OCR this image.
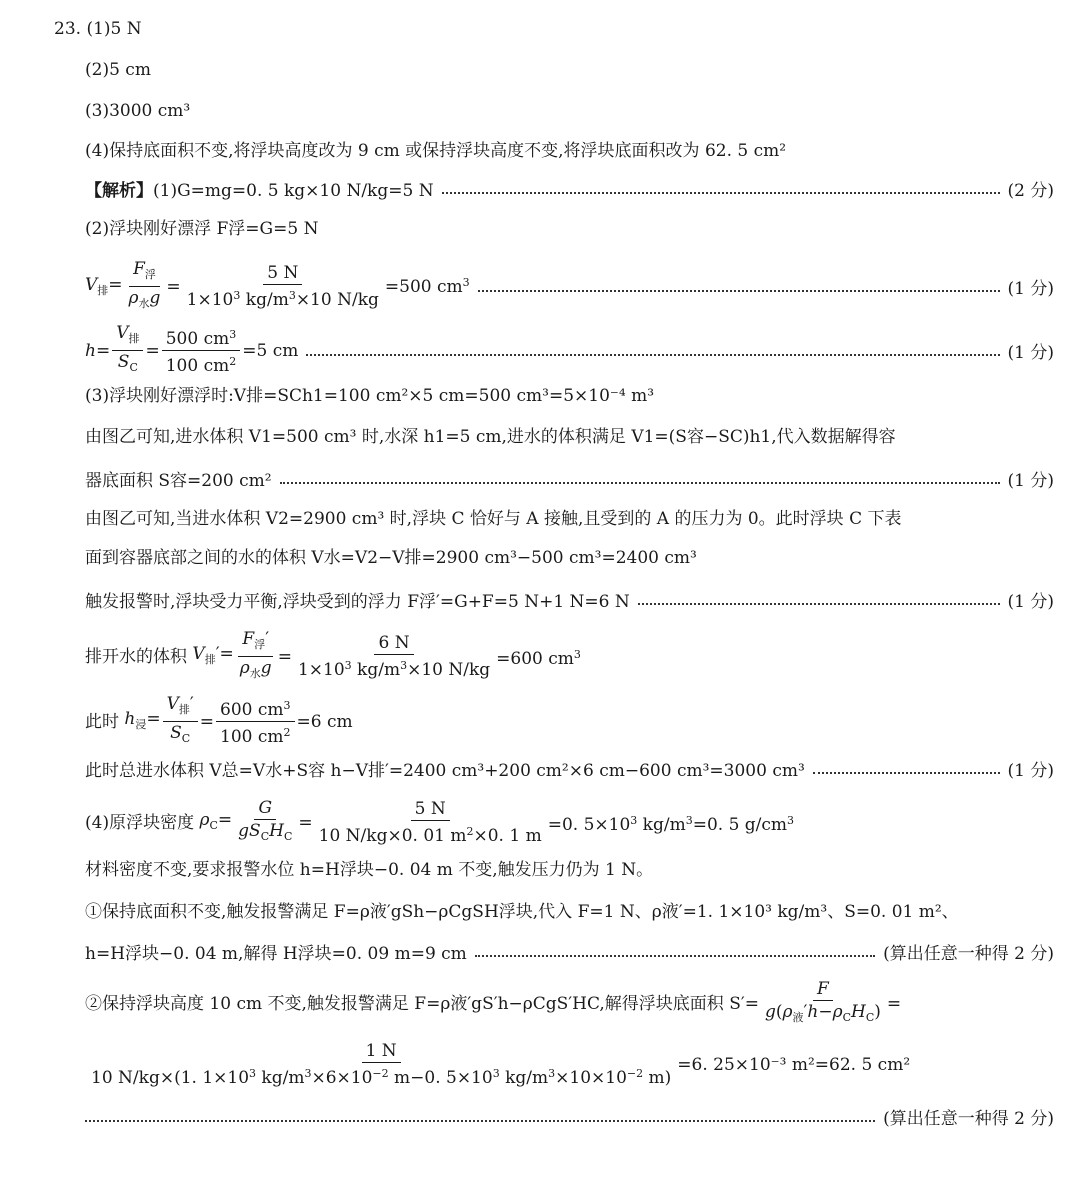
23. (1)5 N
(2)5 cm
(3)3000 cm³
(4)保持底面积不变,将浮块高度改为 9 cm 或保持浮块高度不变,将浮块底面积改为 62. 5 cm²
【解析】(1)G=mg=0. 5 kg×10 N/kg=5 N	(2 分)
(2)浮块刚好漂浮 F浮=G=5 N
$V_排= \frac{F_浮}{\rho_水g} = \frac{5 N}{1\times 10^3 kg/m^3\times 10 N/kg} =500$ $cm^3$	(1 分)
$h= \frac{V_排}{S_C} = \frac{500 cm^3}{100 cm^2} =5$ cm	(1 分)
(3)浮块刚好漂浮时:V排=SCh1=100 cm²×5 cm=500 cm³=5×10⁻⁴ m³
由图乙可知,进水体积 V1=500 cm³ 时,水深 h1=5 cm,进水的体积满足 V1=(S容−SC)h1,代入数据解得容
器底面积 S容=200 cm²	(1 分)
由图乙可知,当进水体积 V2=2900 cm³ 时,浮块 C 恰好与 A 接触,且受到的 A 的压力为 0。此时浮块 C 下表
面到容器底部之间的水的体积 V水=V2−V排=2900 cm³−500 cm³=2400 cm³
触发报警时,浮块受力平衡,浮块受到的浮力 F浮′=G+F=5 N+1 N=6 N	(1 分)
排开水的体积 $V_排'= \frac{F_浮'}{\rho_水g} = \frac{6 N}{1\times 10^3 kg/m^3\times 10 N/kg} =600$ $cm^3$
此时 $h_浸= \frac{V_排'}{S_C} = \frac{600 cm^3}{100 cm^2} =6$ cm
此时总进水体积 V总=V水+S容 h−V排′=2400 cm³+200 cm²×6 cm−600 cm³=3000 cm³	(1 分)
(4)原浮块密度 $\rho_C= \frac{G}{gS_CH_C} = \frac{5 N}{10 N/kg\times 0. 01 m^2\times 0. 1 m} =0$. $5\times 10^3$ $kg/m^3=0$. 5 $g/cm^3$
材料密度不变,要求报警水位 h=H浮块−0. 04 m 不变,触发压力仍为 1 N。
①保持底面积不变,触发报警满足 F=ρ液′gSh−ρCgSH浮块,代入 F=1 N、ρ液′=1. 1×10³ kg/m³、S=0. 01 m²、
h=H浮块−0. 04 m,解得 H浮块=0. 09 m=9 cm	(算出任意一种得 2 分)
②保持浮块高度 10 cm 不变,触发报警满足 F=ρ液′gS′h−ρCgS′HC,解得浮块底面积 $S'= \frac{F}{g(\rho_液'h-\rho_CH_C)}$ =
$\frac{1 N}{10 N/kg\times(1. 1\times 10^3 kg/m^3\times 6\times 10^{-2} m-0. 5\times 10^3 kg/m^3\times 10\times 10^{-2} m)} =6$. 25×10⁻³ m²=62. 5 cm²
(算出任意一种得 2 分)
